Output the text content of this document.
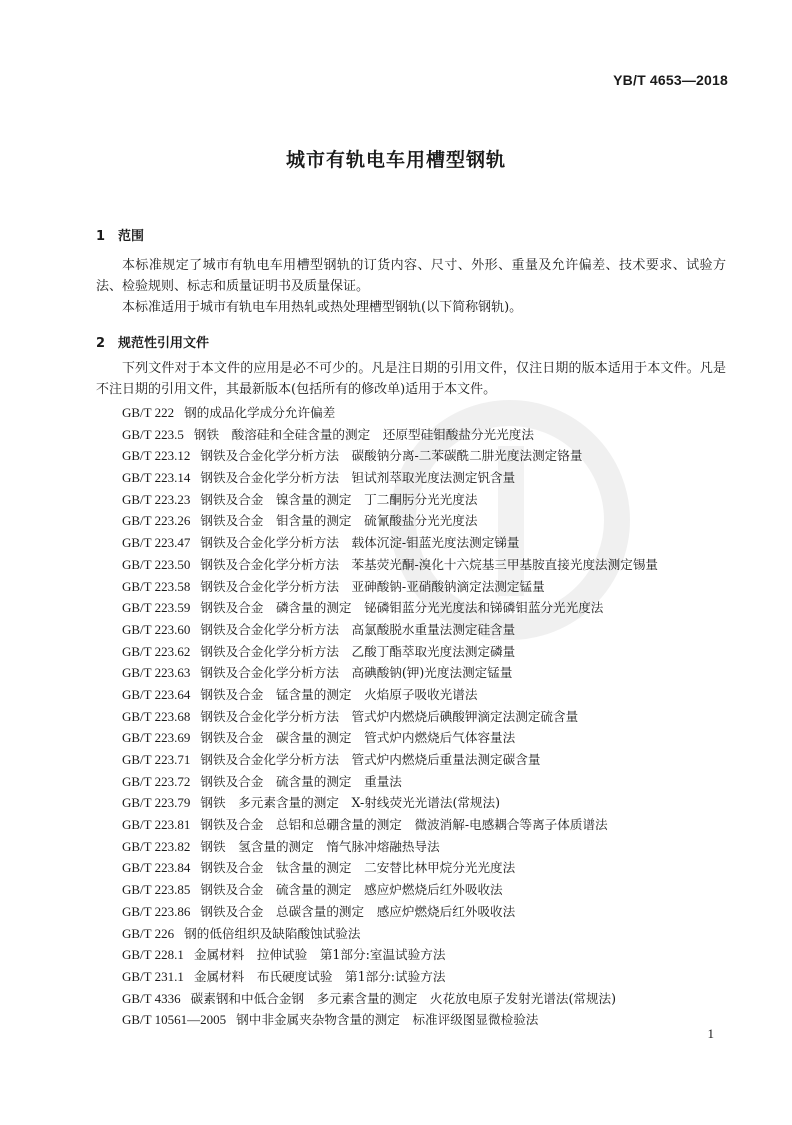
YB/T 4653—2018
城市有轨电车用槽型钢轨
1 范围
本标准规定了城市有轨电车用槽型钢轨的订货内容、尺寸、外形、重量及允许偏差、技术要求、试验方法、检验规则、标志和质量证明书及质量保证。
本标准适用于城市有轨电车用热轧或热处理槽型钢轨(以下简称钢轨)。
2 规范性引用文件
下列文件对于本文件的应用是必不可少的。凡是注日期的引用文件，仅注日期的版本适用于本文件。凡是不注日期的引用文件，其最新版本(包括所有的修改单)适用于本文件。
GB/T 222 钢的成品化学成分允许偏差
GB/T 223.5 钢铁　酸溶硅和全硅含量的测定　还原型硅钼酸盐分光光度法
GB/T 223.12 钢铁及合金化学分析方法　碳酸钠分离-二苯碳酰二肼光度法测定铬量
GB/T 223.14 钢铁及合金化学分析方法　钽试剂萃取光度法测定钒含量
GB/T 223.23 钢铁及合金　镍含量的测定　丁二酮肟分光光度法
GB/T 223.26 钢铁及合金　钼含量的测定　硫氰酸盐分光光度法
GB/T 223.47 钢铁及合金化学分析方法　载体沉淀-钼蓝光度法测定锑量
GB/T 223.50 钢铁及合金化学分析方法　苯基荧光酮-溴化十六烷基三甲基胺直接光度法测定锡量
GB/T 223.58 钢铁及合金化学分析方法　亚砷酸钠-亚硝酸钠滴定法测定锰量
GB/T 223.59 钢铁及合金　磷含量的测定　铋磷钼蓝分光光度法和锑磷钼蓝分光光度法
GB/T 223.60 钢铁及合金化学分析方法　高氯酸脱水重量法测定硅含量
GB/T 223.62 钢铁及合金化学分析方法　乙酸丁酯萃取光度法测定磷量
GB/T 223.63 钢铁及合金化学分析方法　高碘酸钠(钾)光度法测定锰量
GB/T 223.64 钢铁及合金　锰含量的测定　火焰原子吸收光谱法
GB/T 223.68 钢铁及合金化学分析方法　管式炉内燃烧后碘酸钾滴定法测定硫含量
GB/T 223.69 钢铁及合金　碳含量的测定　管式炉内燃烧后气体容量法
GB/T 223.71 钢铁及合金化学分析方法　管式炉内燃烧后重量法测定碳含量
GB/T 223.72 钢铁及合金　硫含量的测定　重量法
GB/T 223.79 钢铁　多元素含量的测定　X-射线荧光光谱法(常规法)
GB/T 223.81 钢铁及合金　总铝和总硼含量的测定　微波消解-电感耦合等离子体质谱法
GB/T 223.82 钢铁　氢含量的测定　惰气脉冲熔融热导法
GB/T 223.84 钢铁及合金　钛含量的测定　二安替比林甲烷分光光度法
GB/T 223.85 钢铁及合金　硫含量的测定　感应炉燃烧后红外吸收法
GB/T 223.86 钢铁及合金　总碳含量的测定　感应炉燃烧后红外吸收法
GB/T 226 钢的低倍组织及缺陷酸蚀试验法
GB/T 228.1 金属材料　拉伸试验　第1部分:室温试验方法
GB/T 231.1 金属材料　布氏硬度试验　第1部分:试验方法
GB/T 4336 碳素钢和中低合金钢　多元素含量的测定　火花放电原子发射光谱法(常规法)
GB/T 10561—2005 钢中非金属夹杂物含量的测定　标准评级图显微检验法
1
